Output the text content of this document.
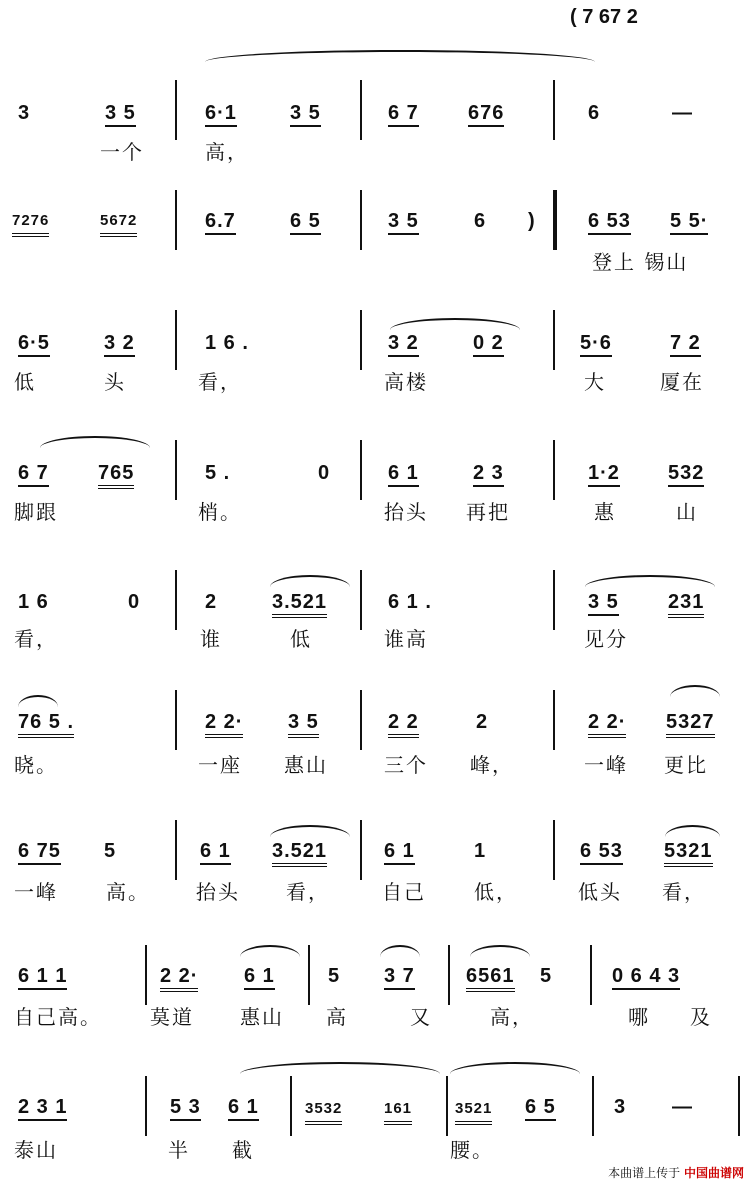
( 7 67 2
3	3 5	6·1	3 5	6 7 676	6	—
一个	高，
7276	5672	6.7	6 5	3 5	6 )	6 53 5 5·
登上 锡山
6·5	3 2	1 6 .	3 2	0 2	5·6	7 2
低	头	看，	高楼	大	厦在
6 7 765	5 .	0	6 1	2 3	1·2 532
脚跟	梢。	抬头 再把	惠	山
1 6	0	2	3.521	6 1 .	3 5 231
看，	谁	低	谁高	见分
76 5 .	2 2· 3 5	2 2	2	2 2· 5327
晓。	一座 惠山	三个 峰，	一峰 更比
6 75 5	6 1 3.521	6 1	1	6 53 5321
一峰 高。 抬头 看，	自己 低，	低头 看，
6 1 1	2 2· 6 1	5 3 7	6561 5	0 6 4 3
自己高。 莫道 惠山 高	又	高，	哪 及
2 3 1	5 3 6 1	3532	161	3521 6 5	3 —
泰山	半 截	腰。
本曲谱上传于 中国曲谱网
